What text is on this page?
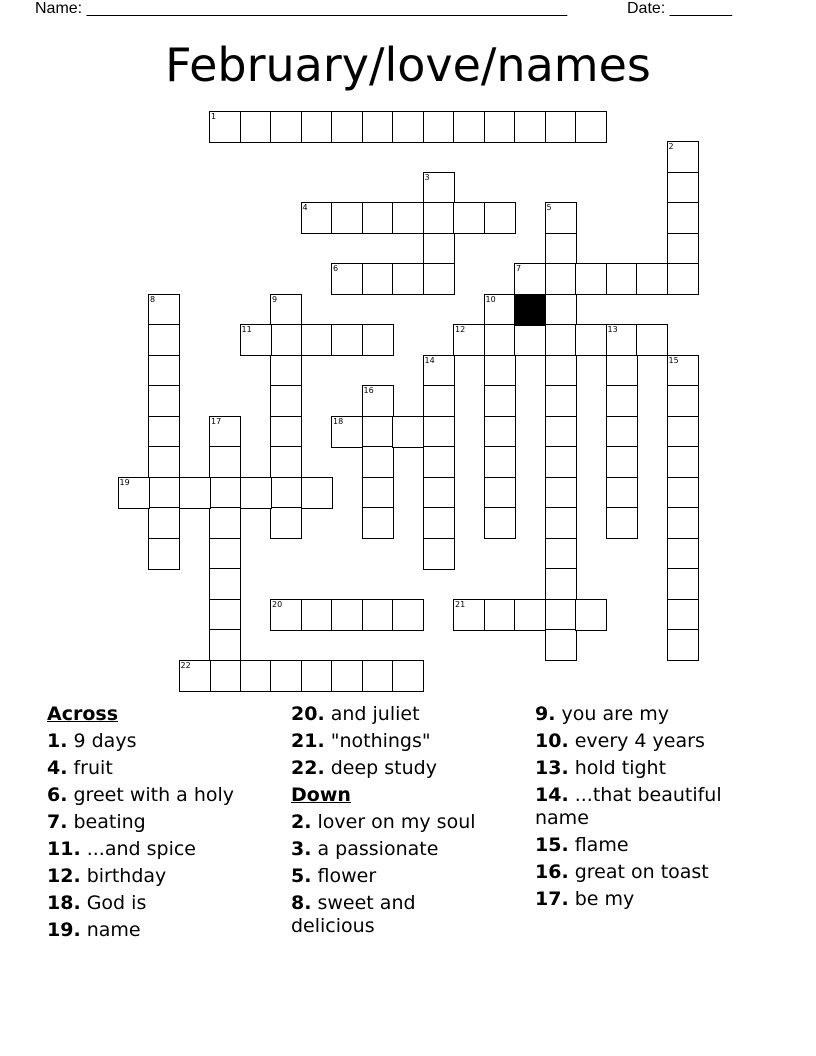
Name: ______________________________________________________	Date: _______
February/love/names
1
2
3
4	5
6	7
8	9	10
11	12	13
14	15
16
17	18
19
20	21
22
Across
1. 9 days
4. fruit
6. greet with a holy
7. beating
11. ...and spice
12. birthday
18. God is
19. name
20. and juliet
21. "nothings"
22. deep study
Down
2. lover on my soul
3. a passionate
5. flower
8. sweet and delicious
9. you are my
10. every 4 years
13. hold tight
14. ...that beautiful name
15. flame
16. great on toast
17. be my
